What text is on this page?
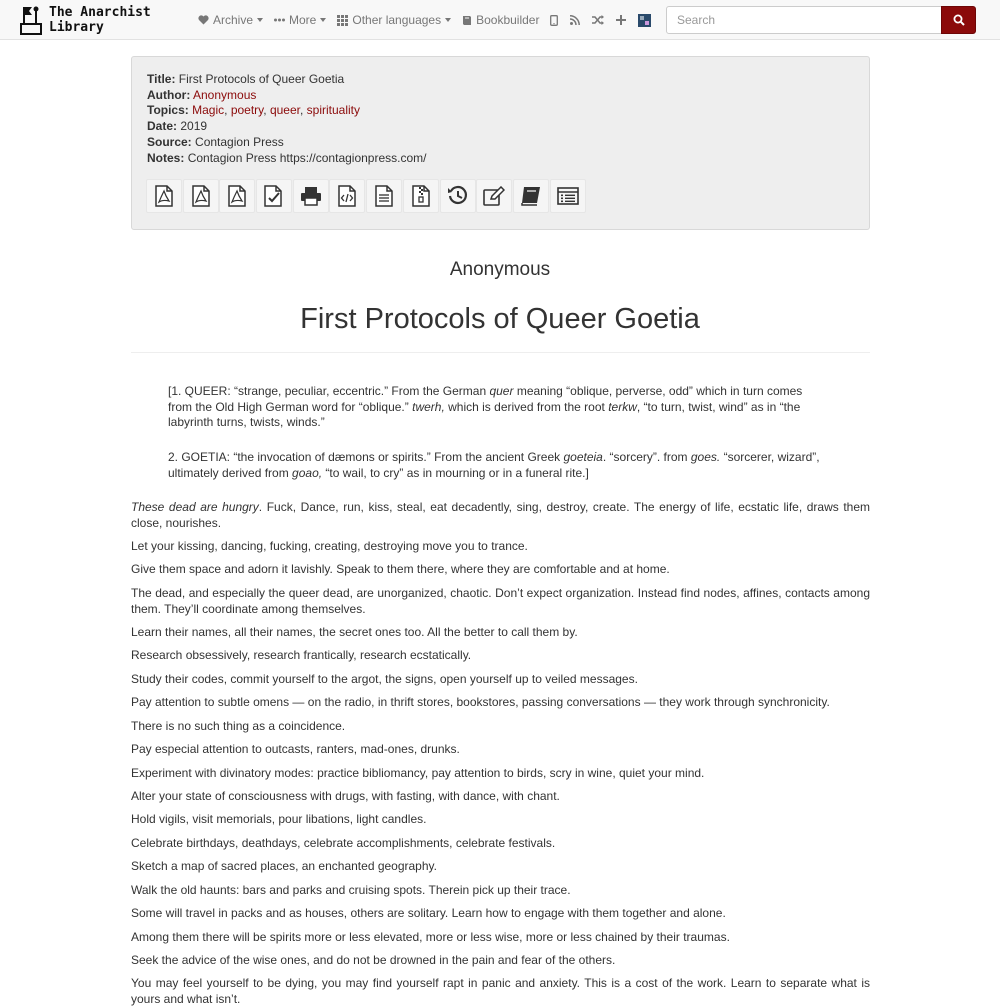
The Anarchist
Library	Archive	More	Other languages	Bookbuilder
Search
Title: First Protocols of Queer Goetia
Author: Anonymous
Topics: Magic, poetry, queer, spirituality
Date: 2019
Source: Contagion Press
Notes: Contagion Press https://contagionpress.com/
Anonymous
First Protocols of Queer Goetia
[1. QUEER: “strange, peculiar, eccentric.” From the German quer meaning “oblique, perverse, odd” which in turn comes from the Old High German word for “oblique.” twerh, which is derived from the root terkw, “to turn, twist, wind” as in “the labyrinth turns, twists, winds.”
2. GOETIA: “the invocation of dæmons or spirits.” From the ancient Greek goeteia. “sorcery”. from goes. “sorcerer, wizard”, ultimately derived from goao, “to wail, to cry” as in mourning or in a funeral rite.]
These dead are hungry. Fuck, Dance, run, kiss, steal, eat decadently, sing, destroy, create. The energy of life, ecstatic life, draws them close, nourishes.
Let your kissing, dancing, fucking, creating, destroying move you to trance.
Give them space and adorn it lavishly. Speak to them there, where they are comfortable and at home.
The dead, and especially the queer dead, are unorganized, chaotic. Don’t expect organization. Instead find nodes, affines, contacts among them. They’ll coordinate among themselves.
Learn their names, all their names, the secret ones too. All the better to call them by.
Research obsessively, research frantically, research ecstatically.
Study their codes, commit yourself to the argot, the signs, open yourself up to veiled messages.
Pay attention to subtle omens — on the radio, in thrift stores, bookstores, passing conversations — they work through synchronicity.
There is no such thing as a coincidence.
Pay especial attention to outcasts, ranters, mad-ones, drunks.
Experiment with divinatory modes: practice bibliomancy, pay attention to birds, scry in wine, quiet your mind.
Alter your state of consciousness with drugs, with fasting, with dance, with chant.
Hold vigils, visit memorials, pour libations, light candles.
Celebrate birthdays, deathdays, celebrate accomplishments, celebrate festivals.
Sketch a map of sacred places, an enchanted geography.
Walk the old haunts: bars and parks and cruising spots. Therein pick up their trace.
Some will travel in packs and as houses, others are solitary. Learn how to engage with them together and alone.
Among them there will be spirits more or less elevated, more or less wise, more or less chained by their traumas.
Seek the advice of the wise ones, and do not be drowned in the pain and fear of the others.
You may feel yourself to be dying, you may find yourself rapt in panic and anxiety. This is a cost of the work. Learn to separate what is yours and what isn’t.
